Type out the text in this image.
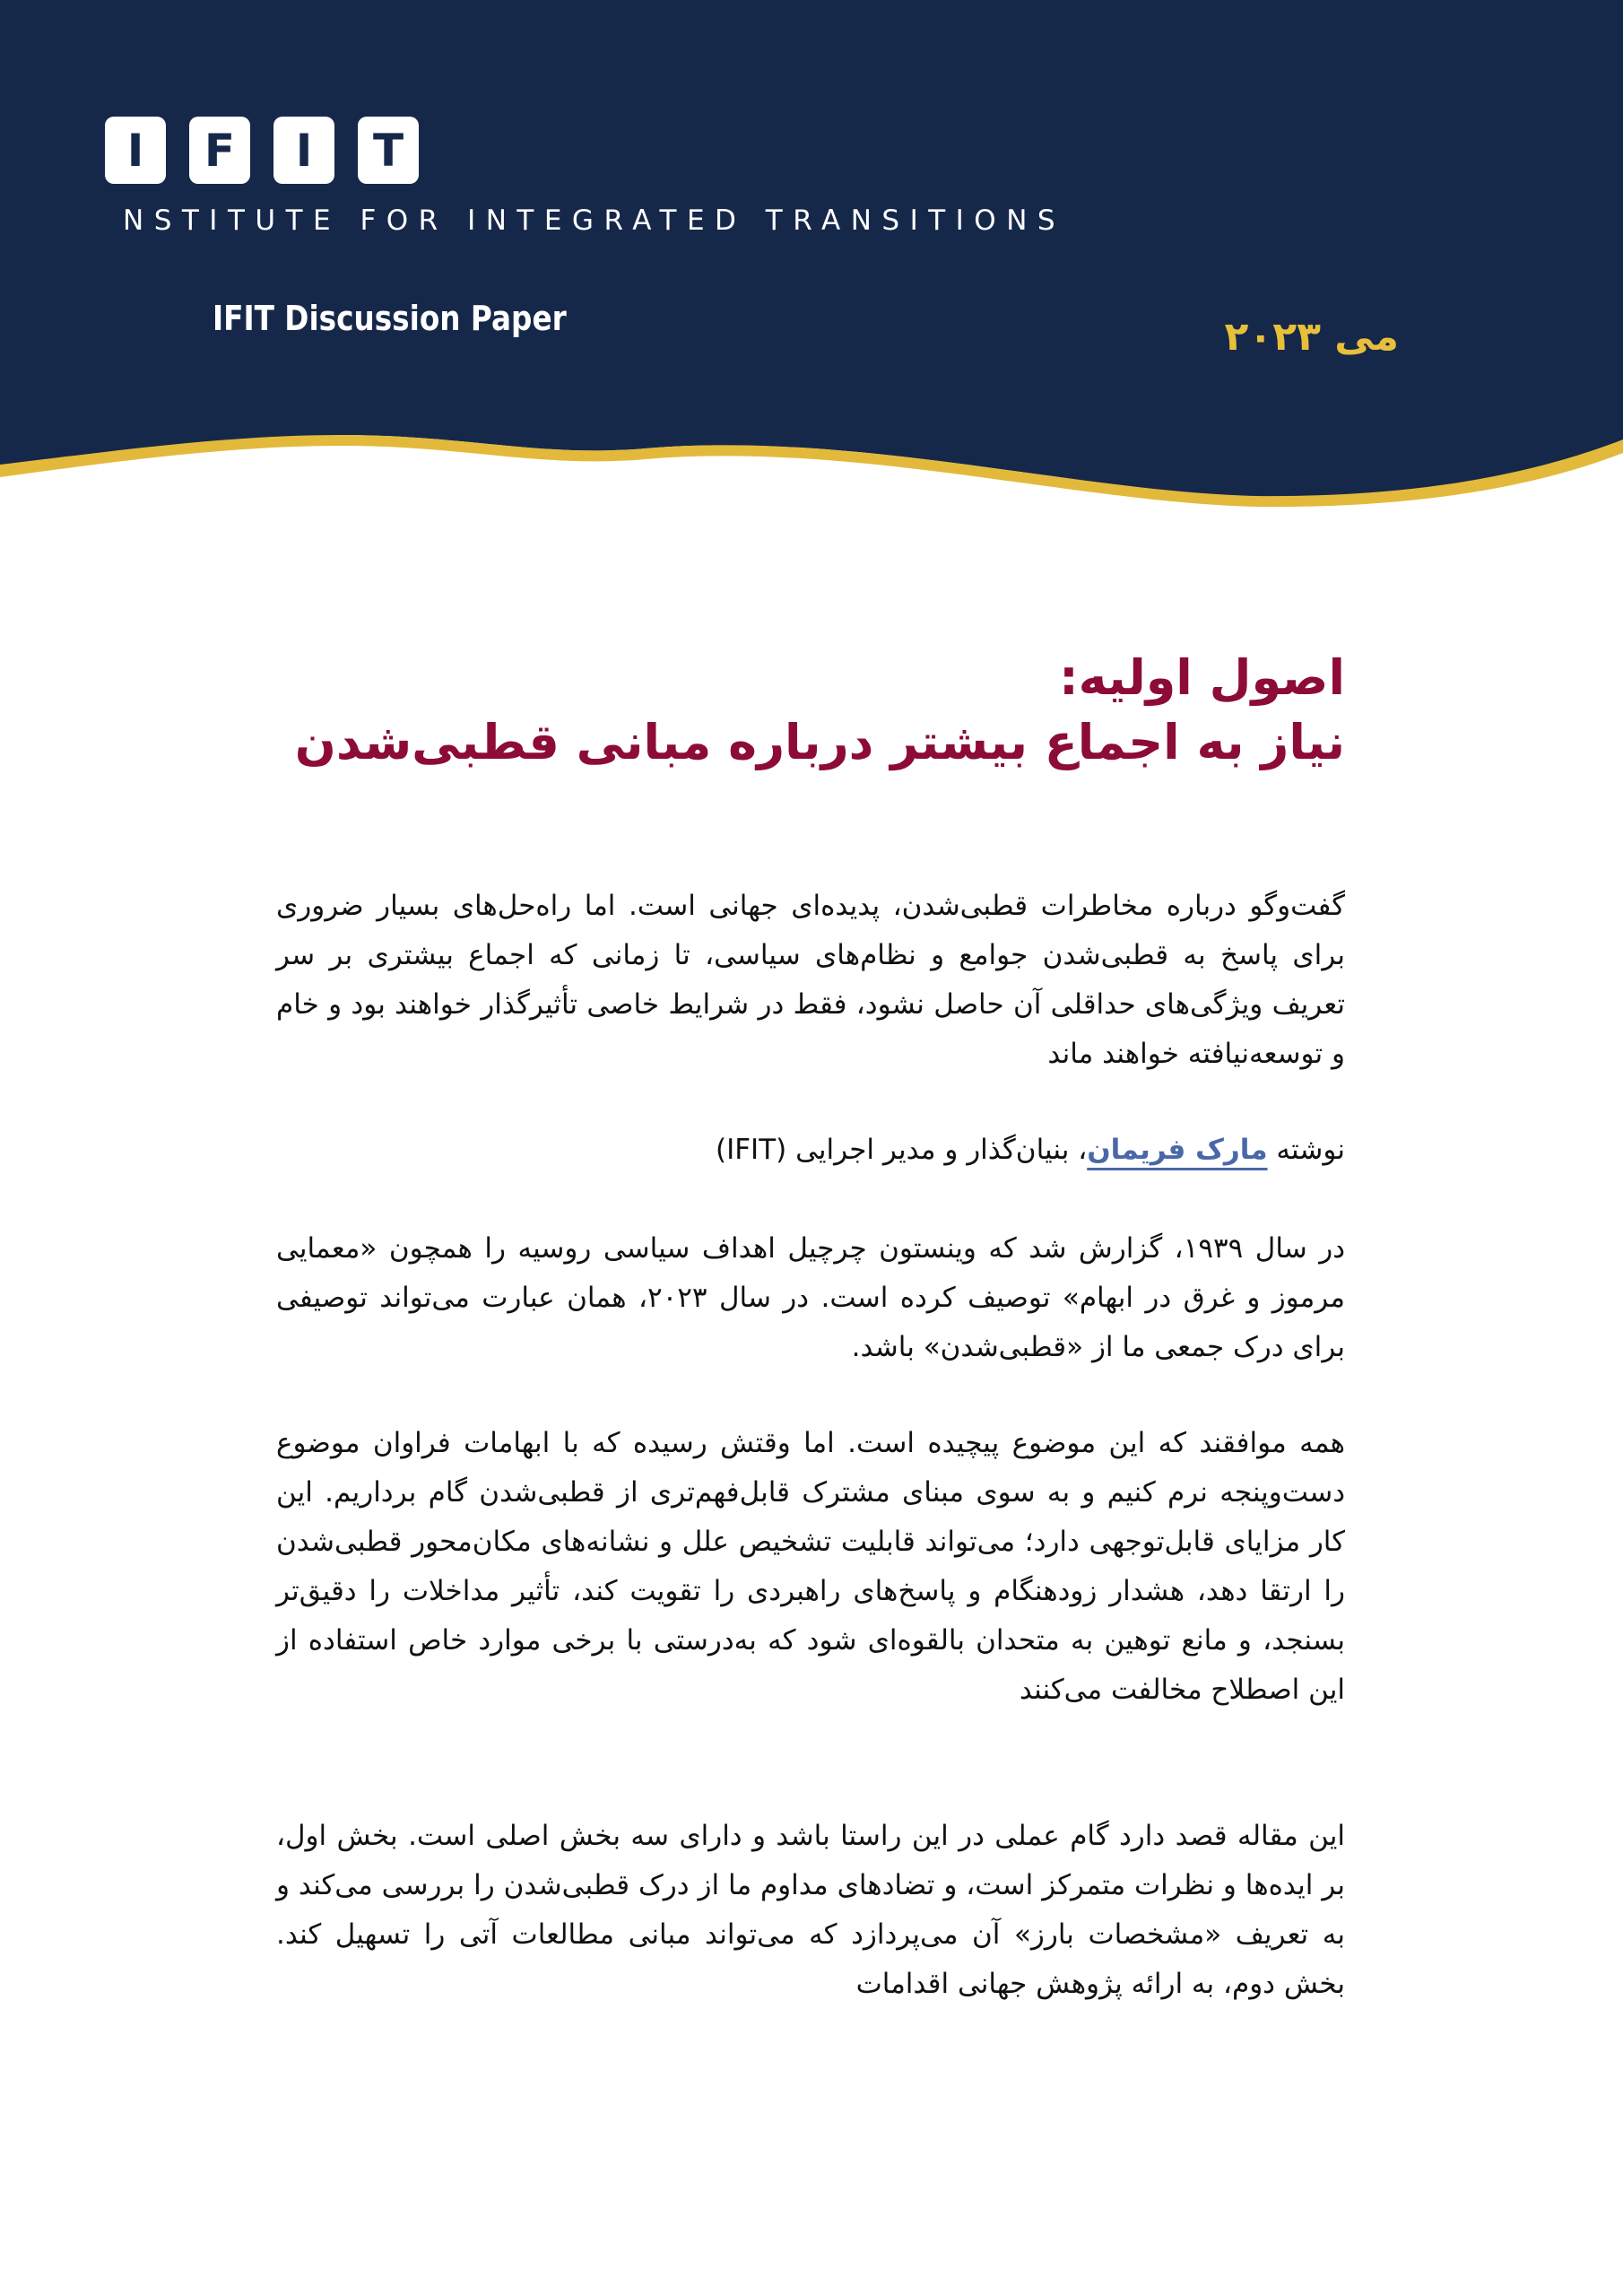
I F I T
NSTITUTE FOR INTEGRATED TRANSITIONS
IFIT Discussion Paper	می ۲۰۲۳
اصول اولیه:
نیاز به اجماع بیشتر درباره مبانی قطبی‌شدن
گفت‌وگو درباره مخاطرات قطبی‌شدن، پدیده‌ای جهانی است. اما راه‌حل‌های بسیار ضروری برای پاسخ به قطبی‌شدن جوامع و نظام‌های سیاسی، تا زمانی که اجماع بیشتری بر سر تعریف ویژگی‌های حداقلی آن حاصل نشود، فقط در شرایط خاصی تأثیرگذار خواهند بود و خام و توسعه‌نیافته خواهند ماند
نوشته مارک فریمان، بنیان‌گذار و مدیر اجرایی (IFIT)
در سال ۱۹۳۹، گزارش شد که وینستون چرچیل اهداف سیاسی روسیه را همچون «معمایی مرموز و غرق در ابهام» توصیف کرده است. در سال ۲۰۲۳، همان عبارت می‌تواند توصیفی برای درک جمعی ما از «قطبی‌شدن» باشد.
همه موافقند که این موضوع پیچیده است. اما وقتش رسیده که با ابهامات فراوان موضوع دست‌وپنجه نرم کنیم و به سوی مبنای مشترک قابل‌فهم‌تری از قطبی‌شدن گام برداریم. این کار مزایای قابل‌توجهی دارد؛ می‌تواند قابلیت تشخیص علل و نشانه‌های مکان‌محور قطبی‌شدن را ارتقا دهد، هشدار زودهنگام و پاسخ‌های راهبردی را تقویت کند، تأثیر مداخلات را دقیق‌تر بسنجد، و مانع توهین به متحدان بالقوه‌ای شود که به‌درستی با برخی موارد خاص استفاده از این اصطلاح مخالفت می‌کنند
این مقاله قصد دارد گام عملی در این راستا باشد و دارای سه بخش اصلی است. بخش اول، بر ایده‌ها و نظرات متمرکز است، و تضادهای مداوم ما از درک قطبی‌شدن را بررسی می‌کند و به تعریف «مشخصات بارز» آن می‌پردازد که می‌تواند مبانی مطالعات آتی را تسهیل کند. بخش دوم، به ارائه پژوهش جهانی اقدامات
